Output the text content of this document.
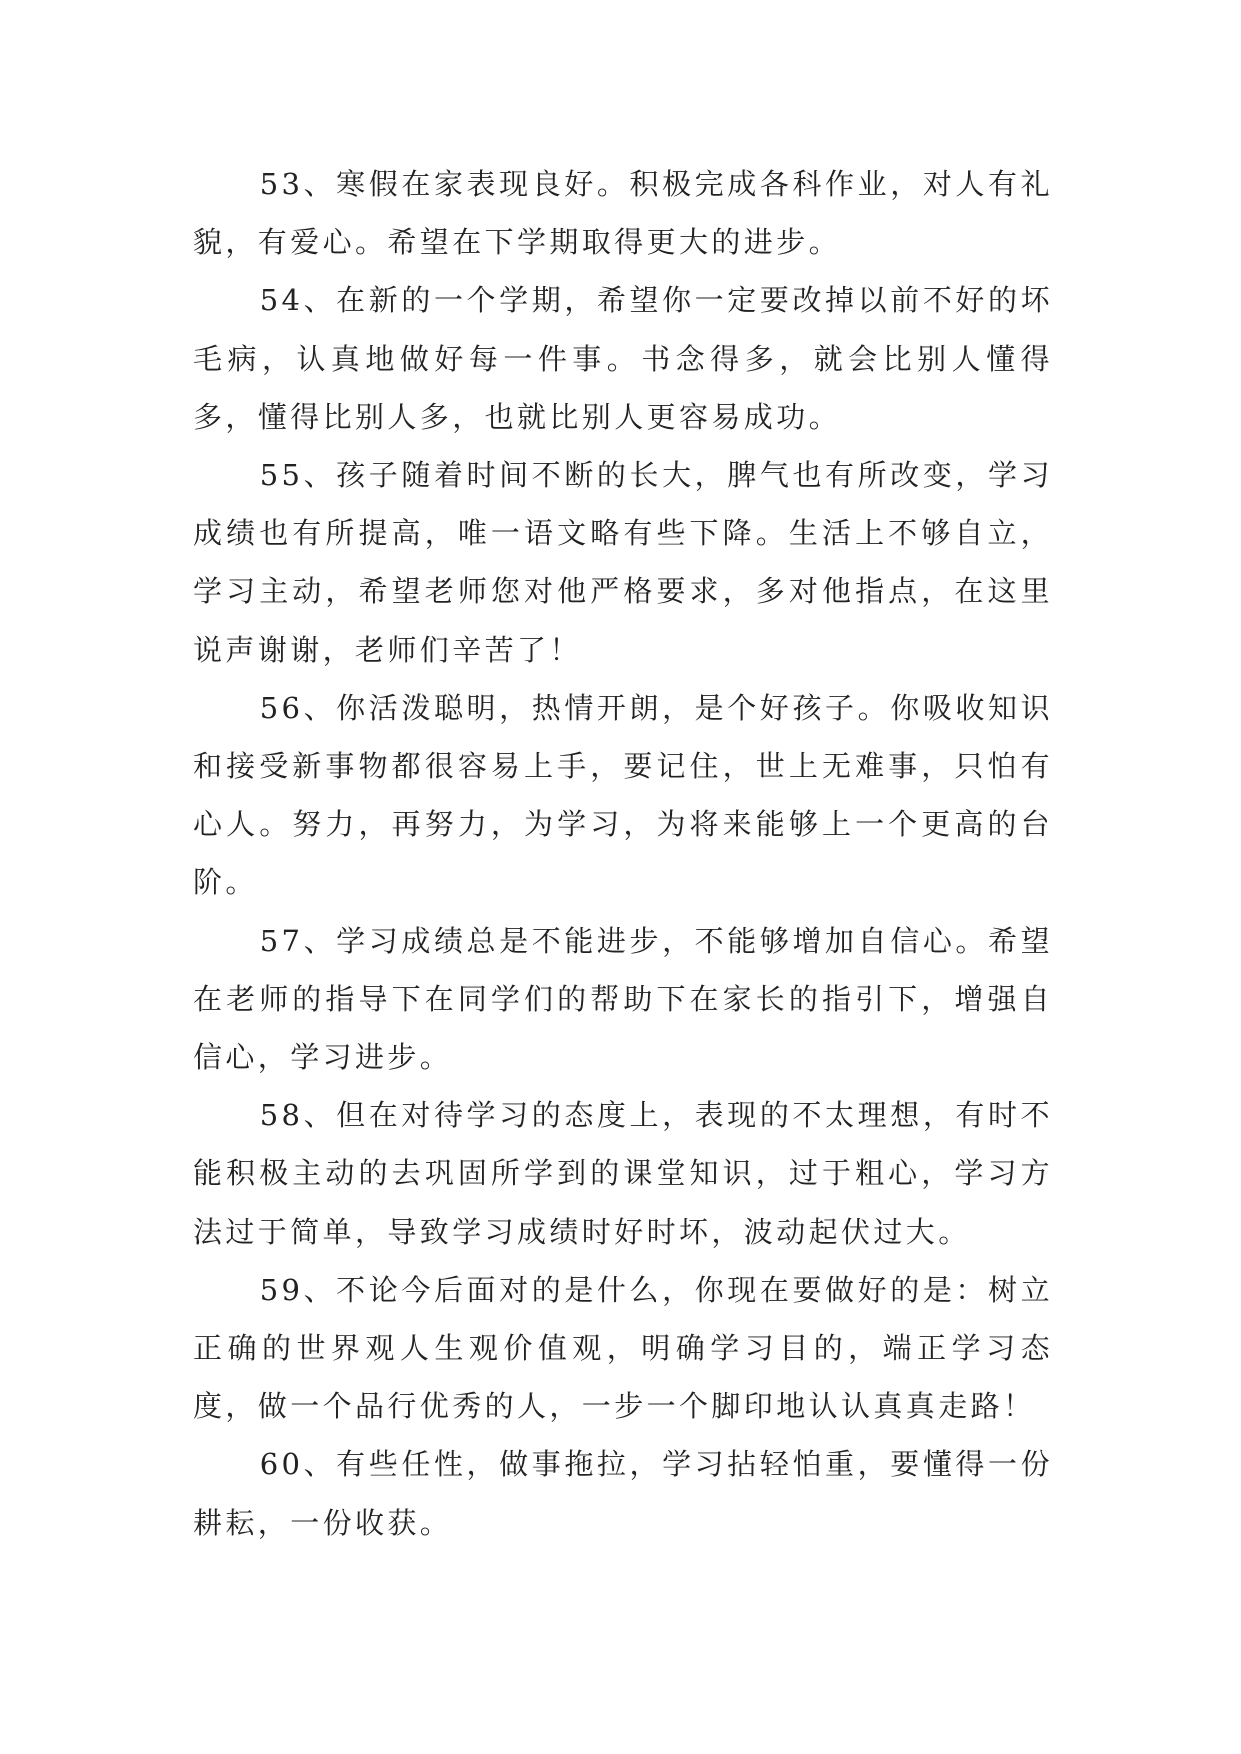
53、寒假在家表现良好。积极完成各科作业，对人有礼貌，有爱心。希望在下学期取得更大的进步。

54、在新的一个学期，希望你一定要改掉以前不好的坏毛病，认真地做好每一件事。书念得多，就会比别人懂得多，懂得比别人多，也就比别人更容易成功。

55、孩子随着时间不断的长大，脾气也有所改变，学习成绩也有所提高，唯一语文略有些下降。生活上不够自立，学习主动，希望老师您对他严格要求，多对他指点，在这里说声谢谢，老师们辛苦了！

56、你活泼聪明，热情开朗，是个好孩子。你吸收知识和接受新事物都很容易上手，要记住，世上无难事，只怕有心人。努力，再努力，为学习，为将来能够上一个更高的台阶。

57、学习成绩总是不能进步，不能够增加自信心。希望在老师的指导下在同学们的帮助下在家长的指引下，增强自信心，学习进步。

58、但在对待学习的态度上，表现的不太理想，有时不能积极主动的去巩固所学到的课堂知识，过于粗心，学习方法过于简单，导致学习成绩时好时坏，波动起伏过大。

59、不论今后面对的是什么，你现在要做好的是：树立正确的世界观人生观价值观，明确学习目的，端正学习态度，做一个品行优秀的人，一步一个脚印地认认真真走路！

60、有些任性，做事拖拉，学习拈轻怕重，要懂得一份耕耘，一份收获。
